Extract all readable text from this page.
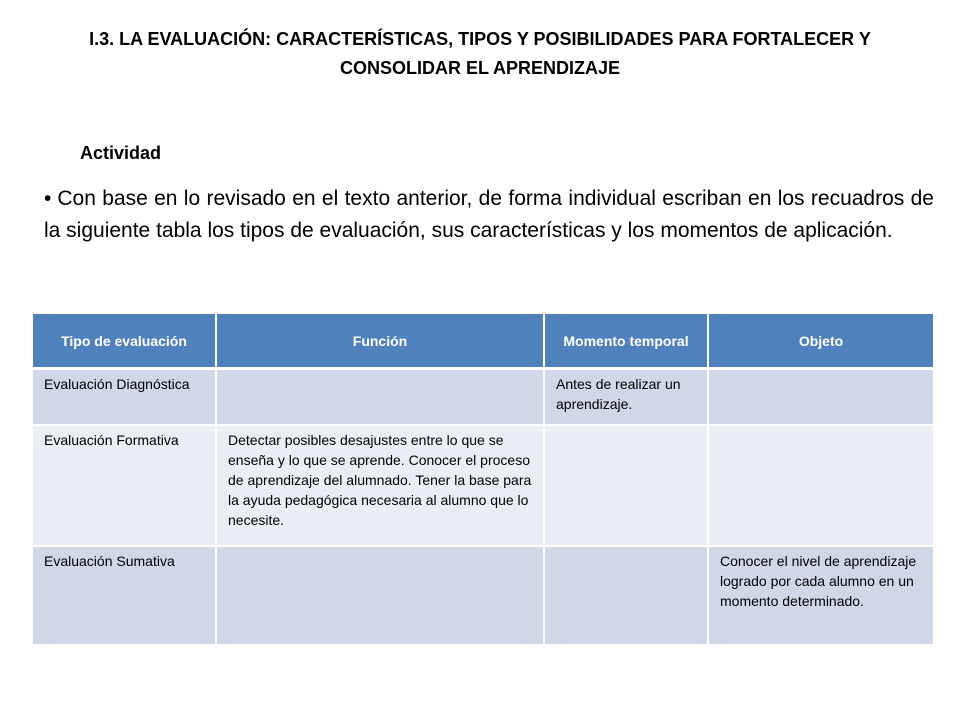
I.3. LA EVALUACIÓN: CARACTERÍSTICAS, TIPOS Y POSIBILIDADES PARA FORTALECER Y CONSOLIDAR EL APRENDIZAJE
Actividad
• Con base en lo revisado en el texto anterior, de forma individual escriban en los recuadros de la siguiente tabla los tipos de evaluación, sus características y los momentos de aplicación.
Tipo de evaluación	Función	Momento temporal	Objeto
Evaluación Diagnóstica		Antes de realizar un aprendizaje.	
Evaluación Formativa	Detectar posibles desajustes entre lo que se enseña y lo que se aprende. Conocer el proceso de aprendizaje del alumnado. Tener la base para la ayuda pedagógica necesaria al alumno que lo necesite.		
Evaluación Sumativa			Conocer el nivel de aprendizaje logrado por cada alumno en un momento determinado.
